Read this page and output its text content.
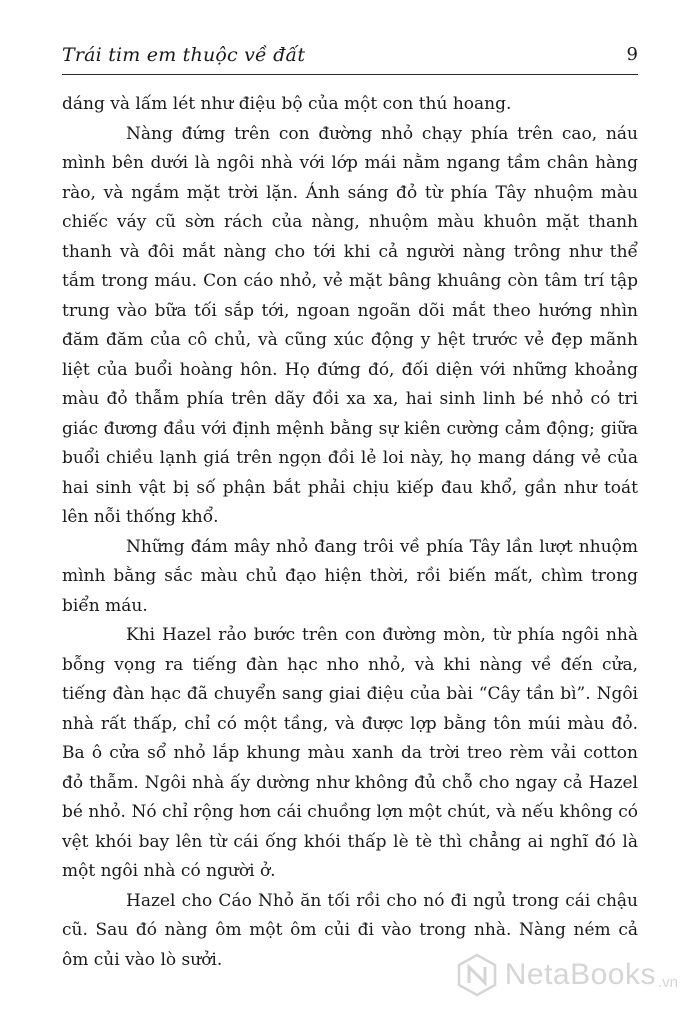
Trái tim em thuộc về đất	9

dáng và lấm lét như điệu bộ của một con thú hoang.

Nàng đứng trên con đường nhỏ chạy phía trên cao, náu mình bên dưới là ngôi nhà với lớp mái nằm ngang tầm chân hàng rào, và ngắm mặt trời lặn. Ánh sáng đỏ từ phía Tây nhuộm màu chiếc váy cũ sờn rách của nàng, nhuộm màu khuôn mặt thanh thanh và đôi mắt nàng cho tới khi cả người nàng trông như thể tắm trong máu. Con cáo nhỏ, vẻ mặt bâng khuâng còn tâm trí tập trung vào bữa tối sắp tới, ngoan ngoãn dõi mắt theo hướng nhìn đăm đăm của cô chủ, và cũng xúc động y hệt trước vẻ đẹp mãnh liệt của buổi hoàng hôn. Họ đứng đó, đối diện với những khoảng màu đỏ thẫm phía trên dãy đồi xa xa, hai sinh linh bé nhỏ có tri giác đương đầu với định mệnh bằng sự kiên cường cảm động; giữa buổi chiều lạnh giá trên ngọn đồi lẻ loi này, họ mang dáng vẻ của hai sinh vật bị số phận bắt phải chịu kiếp đau khổ, gần như toát lên nỗi thống khổ.

Những đám mây nhỏ đang trôi về phía Tây lần lượt nhuộm mình bằng sắc màu chủ đạo hiện thời, rồi biến mất, chìm trong biển máu.

Khi Hazel rảo bước trên con đường mòn, từ phía ngôi nhà bỗng vọng ra tiếng đàn hạc nho nhỏ, và khi nàng về đến cửa, tiếng đàn hạc đã chuyển sang giai điệu của bài “Cây tần bì”. Ngôi nhà rất thấp, chỉ có một tầng, và được lợp bằng tôn múi màu đỏ. Ba ô cửa sổ nhỏ lắp khung màu xanh da trời treo rèm vải cotton đỏ thẫm. Ngôi nhà ấy dường như không đủ chỗ cho ngay cả Hazel bé nhỏ. Nó chỉ rộng hơn cái chuồng lợn một chút, và nếu không có vệt khói bay lên từ cái ống khói thấp lè tè thì chẳng ai nghĩ đó là một ngôi nhà có người ở.

Hazel cho Cáo Nhỏ ăn tối rồi cho nó đi ngủ trong cái chậu cũ. Sau đó nàng ôm một ôm củi đi vào trong nhà. Nàng ném cả ôm củi vào lò sưởi.	NetaBooks .vn
